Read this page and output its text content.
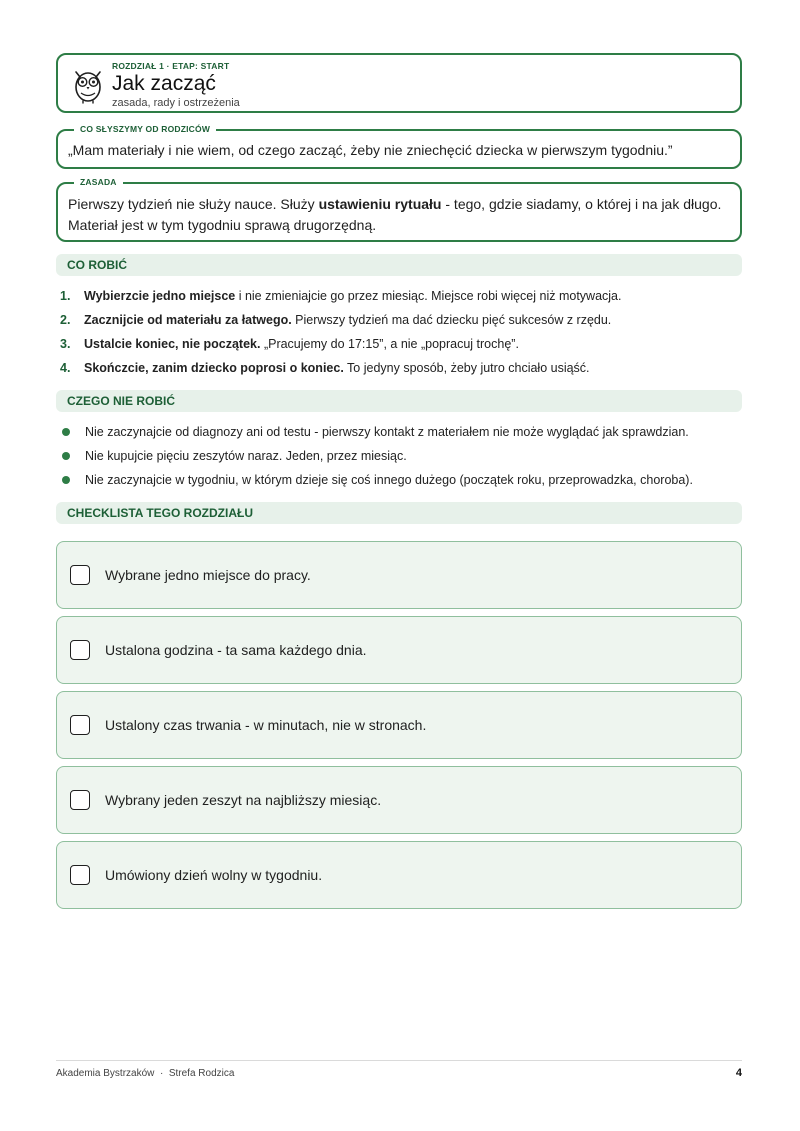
ROZDZIAŁ 1 · ETAP: START
Jak zacząć
zasada, rady i ostrzeżenia
CO SŁYSZYMY OD RODZICÓW
„Mam materiały i nie wiem, od czego zacząć, żeby nie zniechęcić dziecka w pierwszym tygodniu.”
ZASADA
Pierwszy tydzień nie służy nauce. Służy ustawieniu rytuału - tego, gdzie siadamy, o której i na jak długo. Materiał jest w tym tygodniu sprawą drugorzędną.
CO ROBIĆ
1. Wybierzcie jedno miejsce i nie zmieniajcie go przez miesiąc. Miejsce robi więcej niż motywacja.
2. Zacznijcie od materiału za łatwego. Pierwszy tydzień ma dać dziecku pięć sukcesów z rzędu.
3. Ustalcie koniec, nie początek. „Pracujemy do 17:15”, a nie „popracuj trochę”.
4. Skończcie, zanim dziecko poprosi o koniec. To jedyny sposób, żeby jutro chciało usiąść.
CZEGO NIE ROBIĆ
Nie zaczynajcie od diagnozy ani od testu - pierwszy kontakt z materiałem nie może wyglądać jak sprawdzian.
Nie kupujcie pięciu zeszytów naraz. Jeden, przez miesiąc.
Nie zaczynajcie w tygodniu, w którym dzieje się coś innego dużego (początek roku, przeprowadzka, choroba).
CHECKLISTA TEGO ROZDZIAŁU
Wybrane jedno miejsce do pracy.
Ustalona godzina - ta sama każdego dnia.
Ustalony czas trwania - w minutach, nie w stronach.
Wybrany jeden zeszyt na najbliższy miesiąc.
Umówiony dzień wolny w tygodniu.
Akademia Bystrzaków · Strefa Rodzica	4
